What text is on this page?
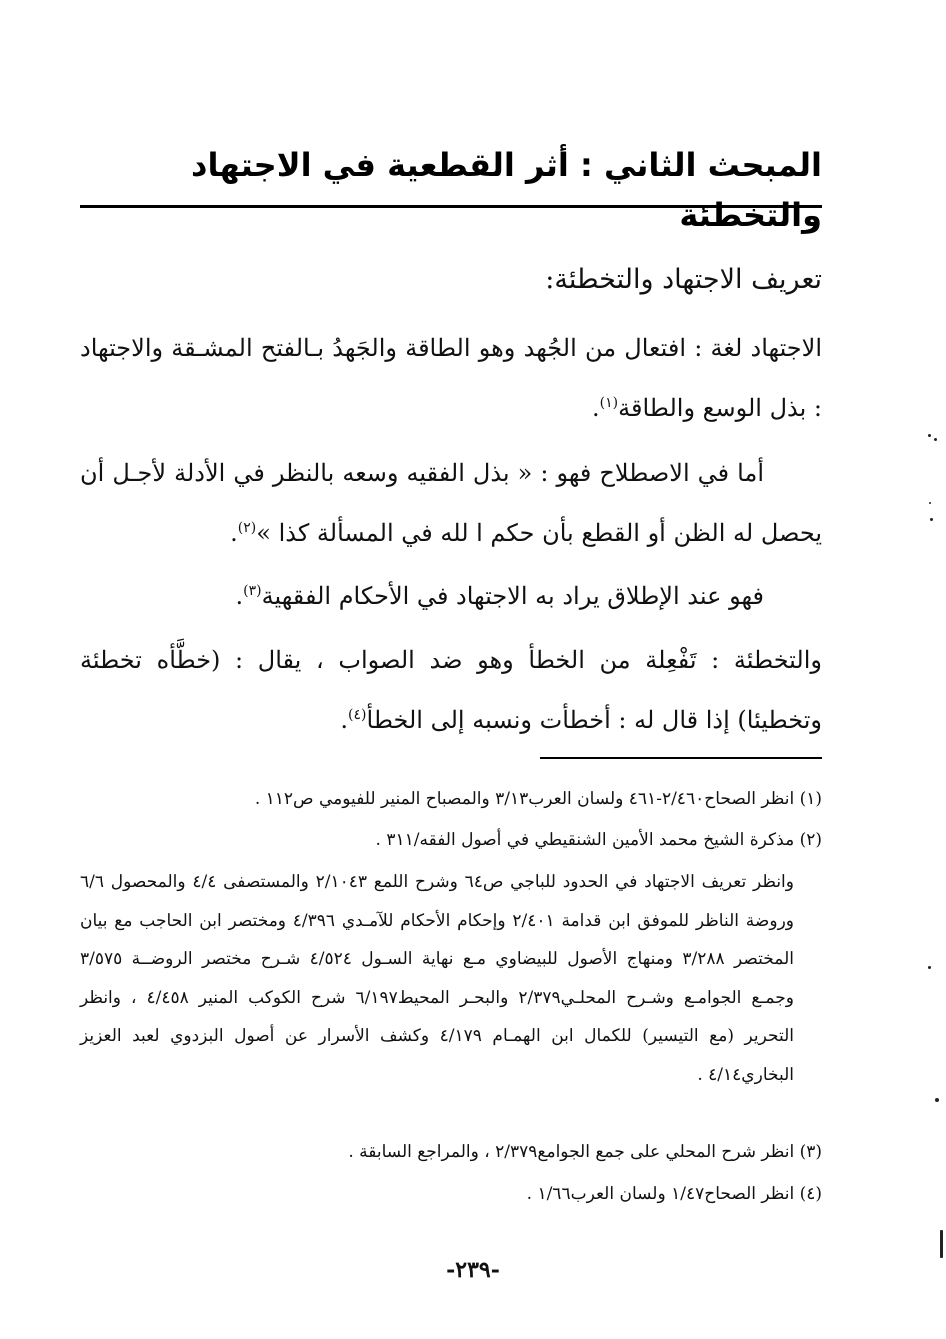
المبحث الثاني : أثر القطعية في الاجتهاد والتخطئة
تعريف الاجتهاد والتخطئة:
الاجتهاد لغة : افتعال من الجُهد وهو الطاقة والجَهدُ بـالفتح المشـقة والاجتهاد : بذل الوسع والطاقة$^{(١)}$.
أما في الاصطلاح فهو : « بذل الفقيه وسعه بالنظر في الأدلة لأجـل أن يحصل له الظن أو القطع بأن حكم ا لله في المسألة كذا »$^{(٢)}$.
فهو عند الإطلاق يراد به الاجتهاد في الأحكام الفقهية$^{(٣)}$.
والتخطئة : تَفْعِلة من الخطأ وهو ضد الصواب ، يقال : (خطَّأه تخطئة وتخطيئا) إذا قال له : أخطأت ونسبه إلى الخطأ$^{(٤)}$.
(١) انظر الصحاح٢/٤٦٠-٤٦١ ولسان العرب٣/١٣ والمصباح المنير للفيومي ص١١٢ .
(٢) مذكرة الشيخ محمد الأمين الشنقيطي في أصول الفقه/٣١١ .
وانظر تعريف الاجتهاد في الحدود للباجي ص٦٤ وشرح اللمع ٢/١٠٤٣ والمستصفى ٤/٤ والمحصول ٦/٦ وروضة الناظر للموفق ابن قدامة ٢/٤٠١ وإحكام الأحكام للآمـدي ٤/٣٩٦ ومختصر ابن الحاجب مع بيان المختصر ٣/٢٨٨ ومنهاج الأصول للبيضاوي مـع نهاية السـول ٤/٥٢٤ شـرح مختصر الروضــة ٣/٥٧٥ وجمـع الجوامـع وشـرح المحلـي٢/٣٧٩ والبحـر المحيط٦/١٩٧ شرح الكوكب المنير ٤/٤٥٨ ، وانظر التحرير (مع التيسير) للكمال ابن الهمـام ٤/١٧٩ وكشف الأسرار عن أصول البزدوي لعبد العزيز البخاري٤/١٤ .
(٣) انظر شرح المحلي على جمع الجوامع٢/٣٧٩ ، والمراجع السابقة .
(٤) انظر الصحاح١/٤٧ ولسان العرب١/٦٦ .
-٢٣٩-
